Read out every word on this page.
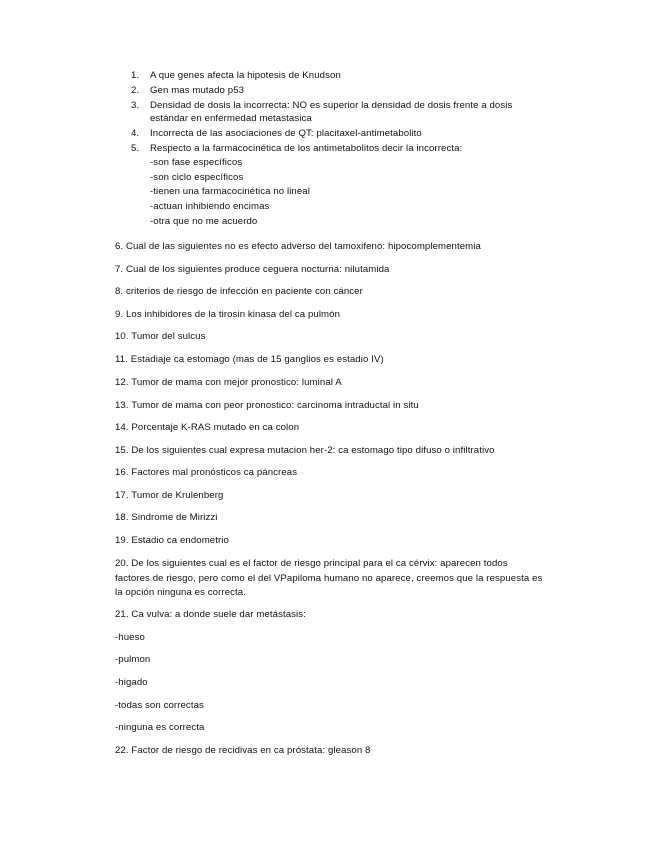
1.	A que genes afecta la hipotesis de Knudson
2.	Gen mas mutado p53
3.	Densidad de dosis la incorrecta: NO es superior la densidad de dosis frente a dosis estándar en enfermedad metastasica
4.	Incorrecta de las asociaciones de QT: placitaxel-antimetabolito
5.	Respecto a la farmacocinética de los antimetabolitos decir la incorrecta:
-son fase específicos
-son ciclo específicos
-tienen una farmacocinética no lineal
-actuan inhibiendo encimas
-otra que no me acuerdo
6. Cual de las siguientes no es efecto adverso del tamoxifeno: hipocomplementemia
7. Cual de los siguientes produce ceguera nocturna: nilutamida
8. criterios de riesgo de infección en paciente con cáncer
9. Los inhibidores de la tirosin kinasa del ca pulmón
10. Tumor del sulcus
11. Estadiaje ca estomago (mas de 15 ganglios es estadio IV)
12. Tumor de mama con mejor pronostico: luminal A
13. Tumor de mama con peor pronostico: carcinoma intraductal in situ
14. Porcentaje K-RAS mutado en ca colon
15. De los siguientes cual expresa mutacion her-2: ca estomago tipo difuso o infiltrativo
16. Factores mal pronósticos ca páncreas
17. Tumor de Krulenberg
18. Sindrome de Mirizzi
19. Estadio ca endometrio
20. De los siguientes cual es el factor de riesgo principal para el ca cérvix: aparecen todos factores de riesgo, pero como el del VPapiloma humano no aparece, creemos que la respuesta es la opción ninguna es correcta.
21. Ca vulva: a donde suele dar metástasis:
-hueso
-pulmon
-higado
-todas son correctas
-ninguna es correcta
22. Factor de riesgo de recidivas en ca próstata: gleason 8
